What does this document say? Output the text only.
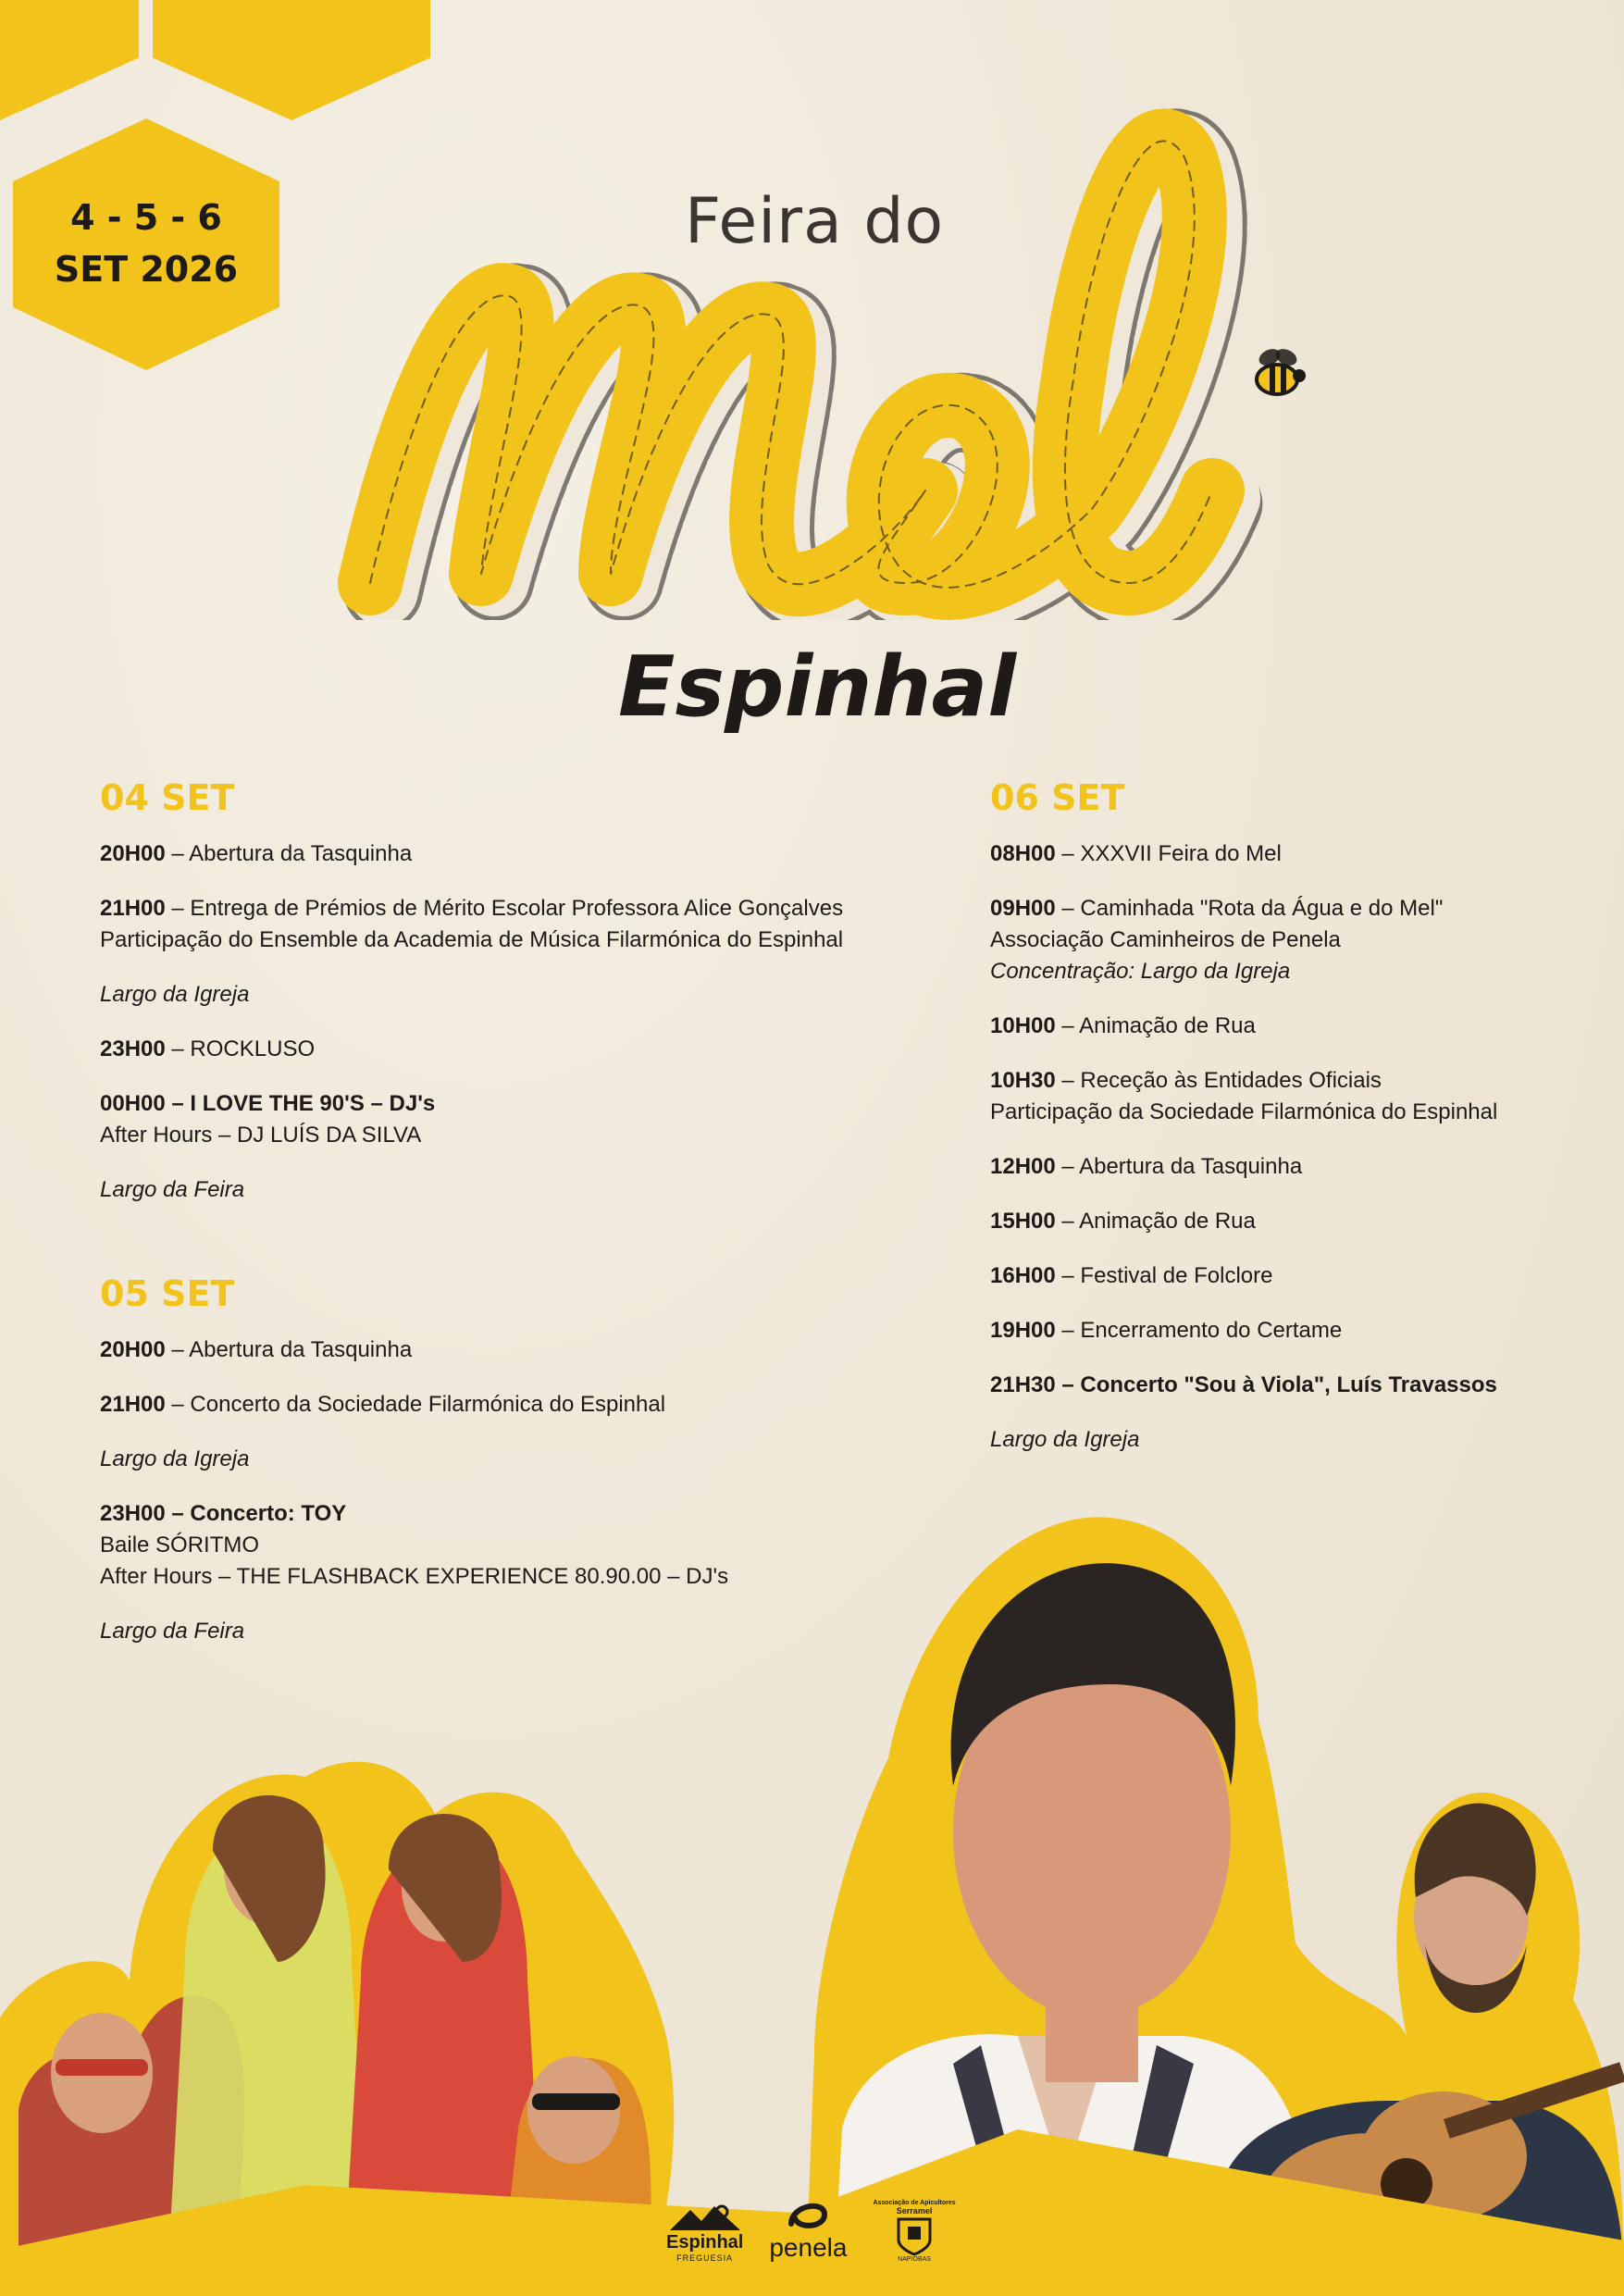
4 - 5 - 6
SET 2026
Feira do
Espinhal
04 SET

20H00 – Abertura da Tasquinha

21H00 – Entrega de Prémios de Mérito Escolar Professora Alice Gonçalves
Participação do Ensemble da Academia de Música Filarmónica do Espinhal

Largo da Igreja

23H00 – ROCKLUSO

00H00 – I LOVE THE 90'S – DJ's
After Hours – DJ LUÍS DA SILVA

Largo da Feira

05 SET

20H00 – Abertura da Tasquinha

21H00 – Concerto da Sociedade Filarmónica do Espinhal

Largo da Igreja

23H00 – Concerto: TOY
Baile SÓRITMO
After Hours – THE FLASHBACK EXPERIENCE 80.90.00 – DJ's

Largo da Feira

06 SET

08H00 – XXXVII Feira do Mel

09H00 – Caminhada "Rota da Água e do Mel"
Associação Caminheiros de Penela
Concentração: Largo da Igreja

10H00 – Animação de Rua

10H30 – Receção às Entidades Oficiais
Participação da Sociedade Filarmónica do Espinhal

12H00 – Abertura da Tasquinha

15H00 – Animação de Rua

16H00 – Festival de Folclore

19H00 – Encerramento do Certame

21H30 – Concerto "Sou à Viola", Luís Travassos

Largo da Igreja

Espinhal
FREGUESIA penela
Associação de Apicultores
Serramel
NAPIOBAS
